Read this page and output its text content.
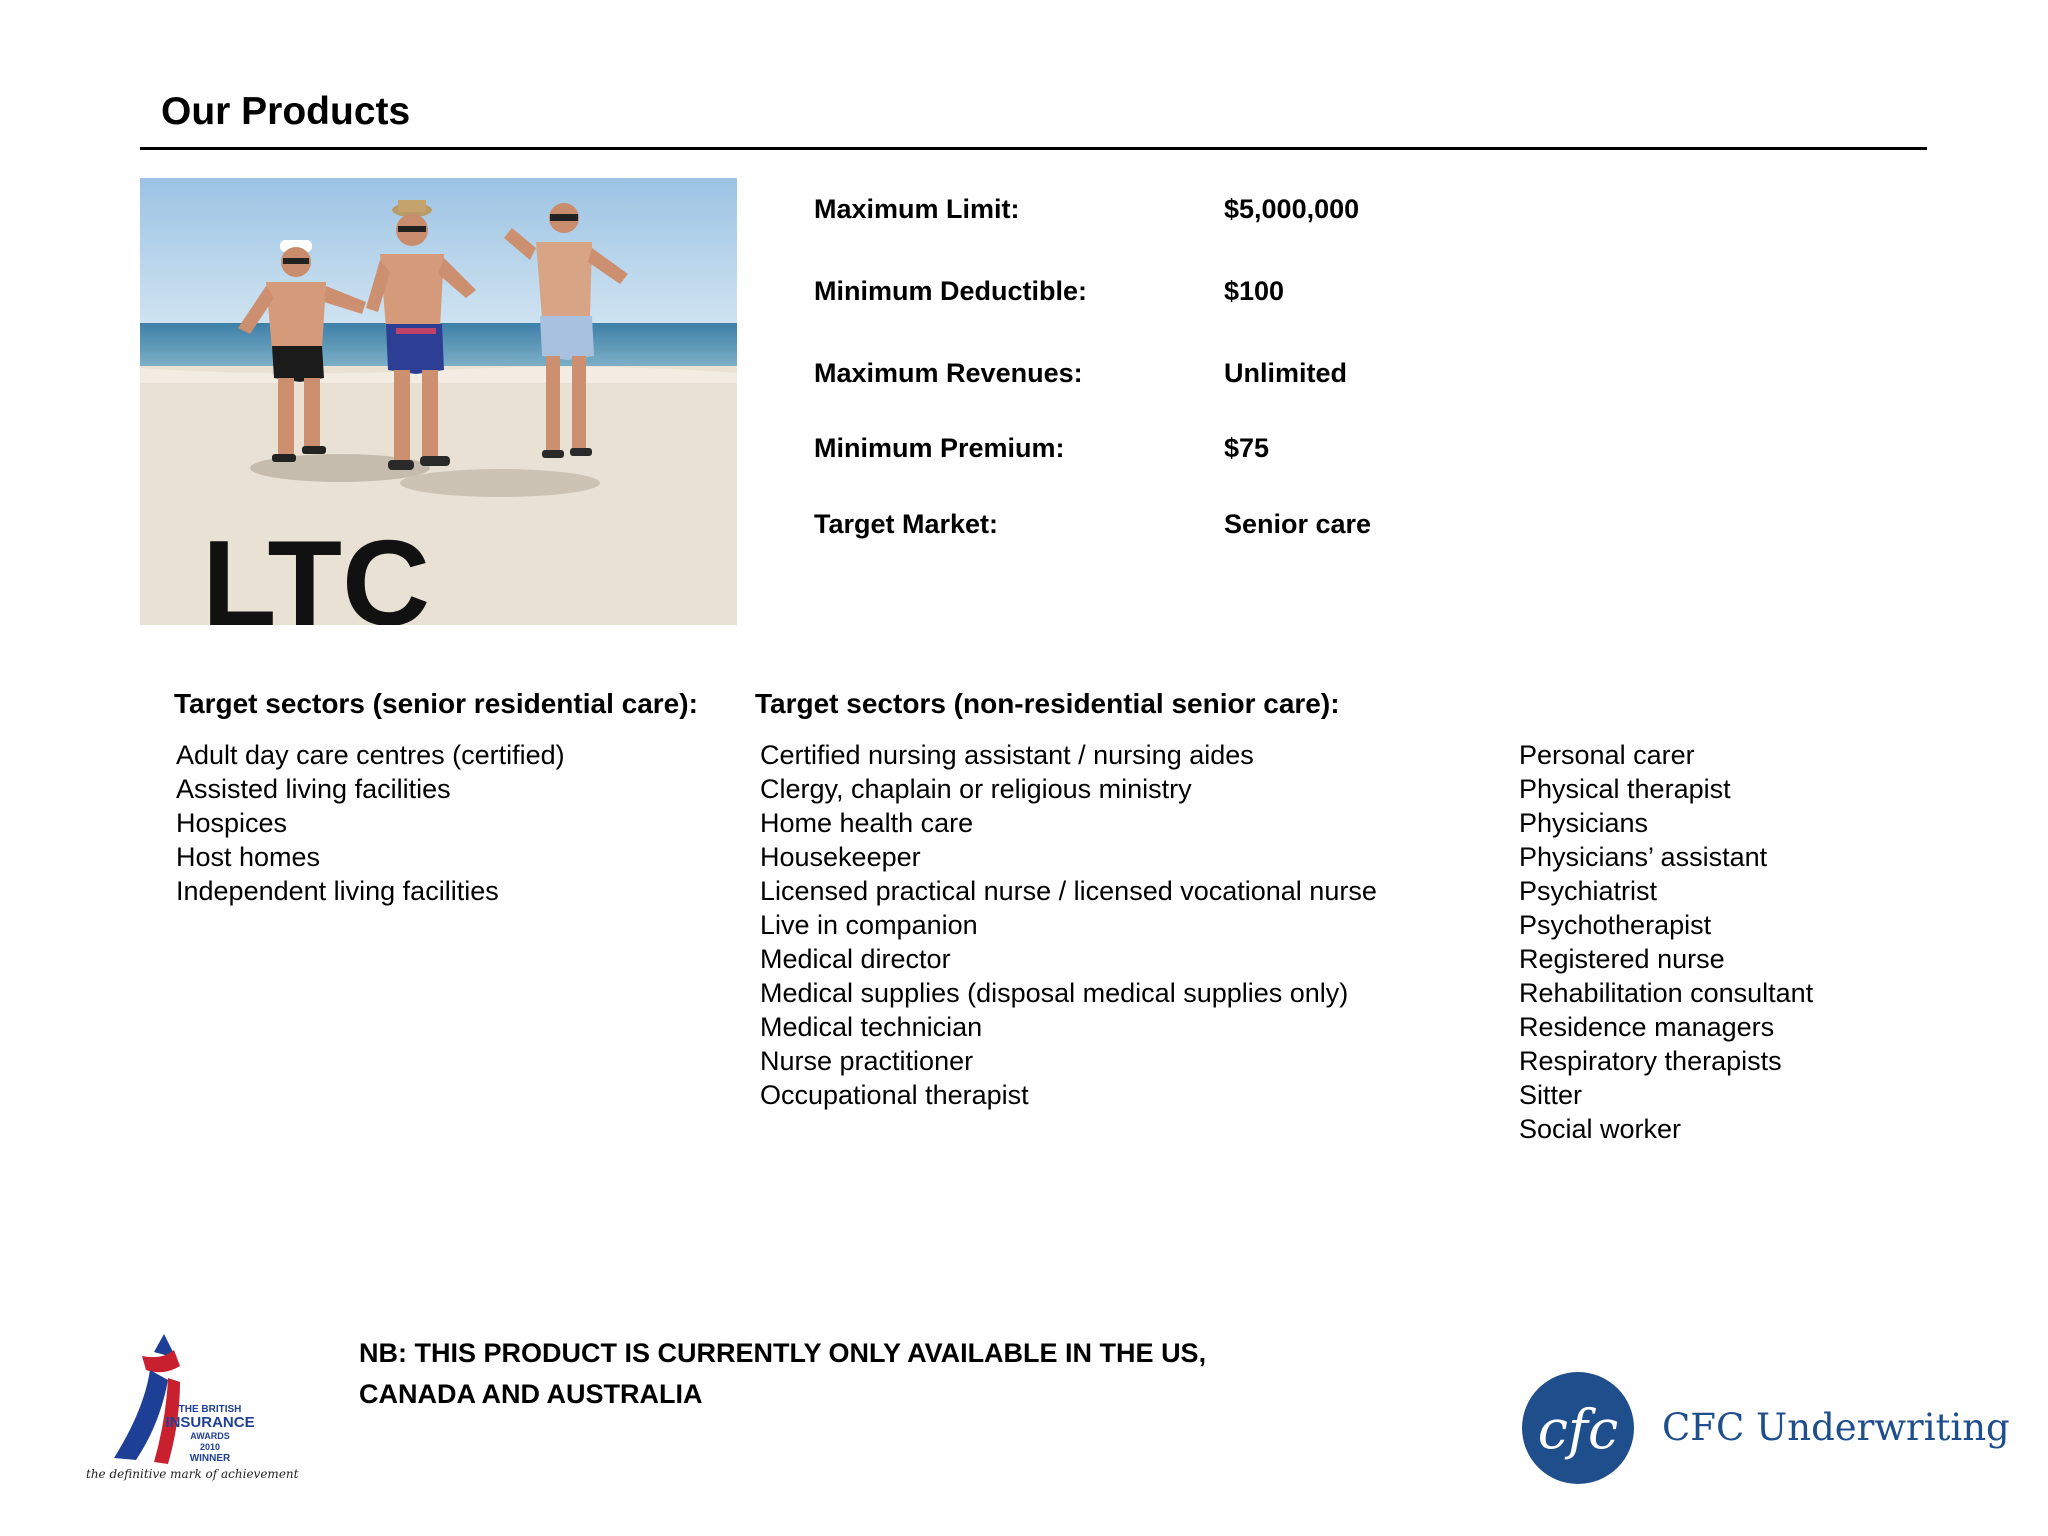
Our Products
LTC
Maximum Limit:	$5,000,000
Minimum Deductible:	$100
Maximum Revenues:	Unlimited
Minimum Premium:	$75
Target Market:	Senior care
Target sectors (senior residential care): Target sectors (non-residential senior care):
Adult day care centres (certified)
Assisted living facilities
Hospices
Host homes
Independent living facilities
Certified nursing assistant / nursing aides
Clergy, chaplain or religious ministry
Home health care
Housekeeper
Licensed practical nurse / licensed vocational nurse
Live in companion
Medical director
Medical supplies (disposal medical supplies only)
Medical technician
Nurse practitioner
Occupational therapist
Personal carer
Physical therapist
Physicians
Physicians’ assistant
Psychiatrist
Psychotherapist
Registered nurse
Rehabilitation consultant
Residence managers
Respiratory therapists
Sitter
Social worker
NB: THIS PRODUCT IS CURRENTLY ONLY AVAILABLE IN THE US,
CANADA AND AUSTRALIA
THE BRITISH
INSURANCE
AWARDS
2010
WINNER
the definitive mark of achievement
cfc CFC Underwriting
